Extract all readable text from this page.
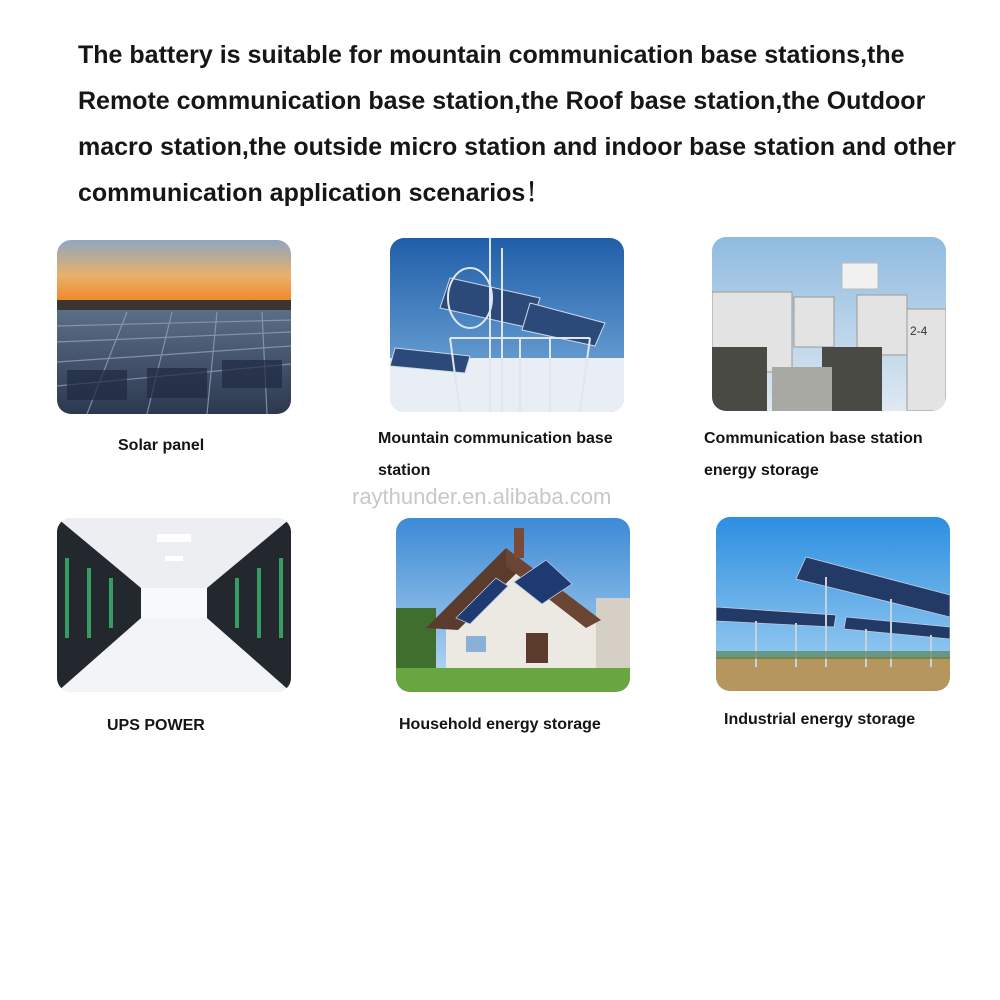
The battery is suitable for mountain communication base stations,the Remote communication base station,the Roof base station,the Outdoor macro station,the outside micro station and indoor base station and other communication application scenarios！

2-4
Solar panel	Mountain communication base
station
Communication base station
energy storage
UPS POWER	Household energy storage	Industrial energy storage
raythunder.en.alibaba.com
